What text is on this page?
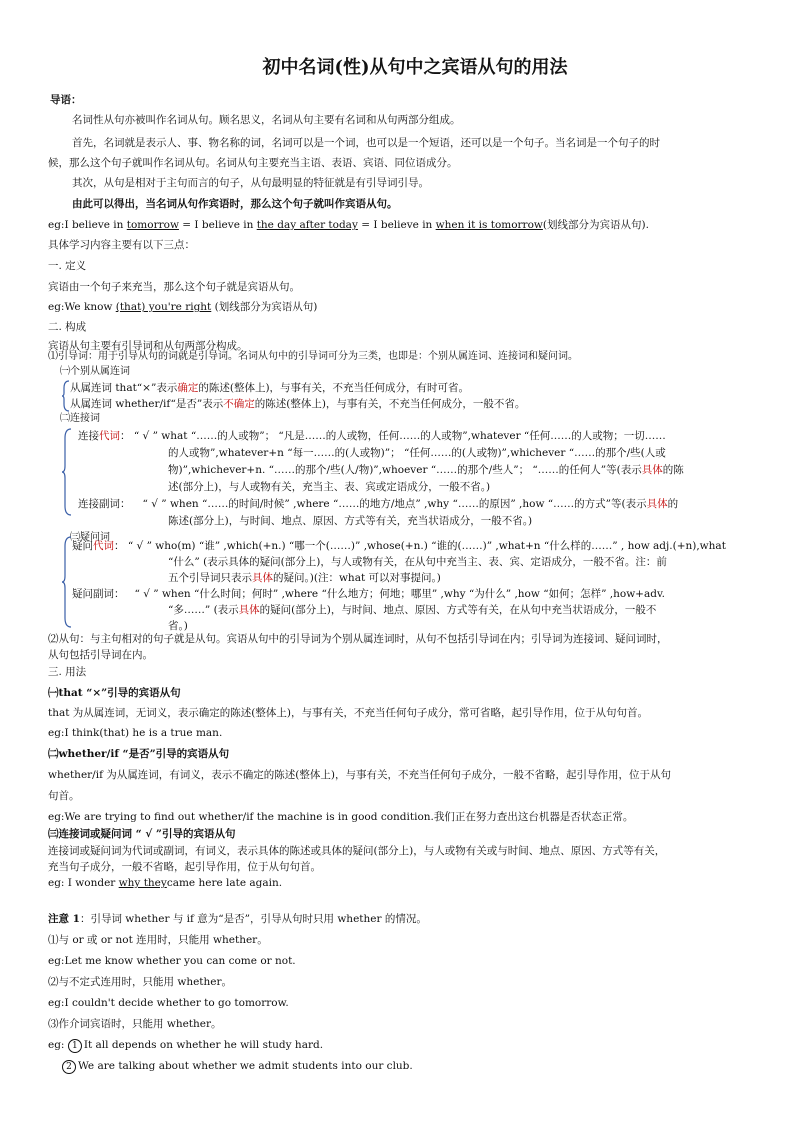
初中名词(性)从句中之宾语从句的用法
导语：
名词性从句亦被叫作名词从句。顾名思义，名词从句主要有名词和从句两部分组成。
首先，名词就是表示人、事、物名称的词，名词可以是一个词，也可以是一个短语，还可以是一个句子。当名词是一个句子的时
候，那么这个句子就叫作名词从句。名词从句主要充当主语、表语、宾语、同位语成分。
其次，从句是相对于主句而言的句子，从句最明显的特征就是有引导词引导。
由此可以得出，当名词从句作宾语时，那么这个句子就叫作宾语从句。
eg:I believe in tomorrow = I believe in the day after today = I believe in when it is tomorrow(划线部分为宾语从句).
具体学习内容主要有以下三点：
一. 定义
宾语由一个句子来充当，那么这个句子就是宾语从句。
eg:We know (that) you're right (划线部分为宾语从句)
二. 构成
宾语从句主要有引导词和从句两部分构成。
⑴引导词：用于引导从句的词就是引导词。名词从句中的引导词可分为三类，也即是：个别从属连词、连接词和疑问词。
㈠个别从属连词
从属连词 that“×”表示确定的陈述(整体上)，与事有关，不充当任何成分，有时可省。
从属连词 whether/if“是否”表示不确定的陈述(整体上)，与事有关，不充当任何成分，一般不省。
㈡连接词
连接代词： “ √ ” what “……的人或物”； “凡是……的人或物，任何……的人或物”,whatever “任何……的人或物；一切……
的人或物”,whatever+n “每一……的(人或物)”； “任何……的(人或物)”,whichever “……的那个/些(人或
物)”,whichever+n. “……的那个/些(人/物)”,whoever “……的那个/些人”； “……的任何人”等(表示具体的陈
述(部分上)，与人或物有关，充当主、表、宾或定语成分，一般不省。)
连接副词： “ √ ” when “……的时间/时候” ,where “……的地方/地点” ,why “……的原因” ,how “……的方式”等(表示具体的
陈述(部分上)，与时间、地点、原因、方式等有关，充当状语成分，一般不省。)
㈢疑问词
疑问代词： “ √ ” who(m) “谁” ,which(+n.) “哪一个(……)” ,whose(+n.) “谁的(……)” ,what+n “什么样的……” , how adj.(+n),what
“什么” (表示具体的疑问(部分上)，与人或物有关，在从句中充当主、表、宾、定语成分，一般不省。注：前
五个引导词只表示具体的疑问。)(注：what 可以对事提问。)
疑问副词： “ √ ” when “什么时间；何时” ,where “什么地方；何地；哪里” ,why “为什么” ,how “如何；怎样” ,how+adv.
“多……” (表示具体的疑问(部分上)，与时间、地点、原因、方式等有关，在从句中充当状语成分，一般不
省。)
⑵从句：与主句相对的句子就是从句。宾语从句中的引导词为个别从属连词时，从句不包括引导词在内；引导词为连接词、疑问词时，
从句包括引导词在内。
三. 用法
㈠that “×”引导的宾语从句
that 为从属连词，无词义，表示确定的陈述(整体上)，与事有关，不充当任何句子成分，常可省略，起引导作用，位于从句句首。
eg:I think(that) he is a true man.
㈡whether/if “是否”引导的宾语从句
whether/if 为从属连词，有词义，表示不确定的陈述(整体上)，与事有关，不充当任何句子成分，一般不省略，起引导作用，位于从句
句首。
eg:We are trying to find out whether/if the machine is in good condition.我们正在努力查出这台机器是否状态正常。
㈢连接词或疑问词 “ √ ”引导的宾语从句
连接词或疑问词为代词或副词，有词义，表示具体的陈述或具体的疑问(部分上)，与人或物有关或与时间、地点、原因、方式等有关，
充当句子成分，一般不省略，起引导作用，位于从句句首。
eg: I wonder why theycame here late again.
注意 1：引导词 whether 与 if 意为“是否”，引导从句时只用 whether 的情况。
⑴与 or 或 or not 连用时，只能用 whether。
eg:Let me know whether you can come or not.
⑵与不定式连用时，只能用 whether。
eg:I couldn't decide whether to go tomorrow.
⑶作介词宾语时，只能用 whether。
eg: 1 It all depends on whether he will study hard.
2 We are talking about whether we admit students into our club.
